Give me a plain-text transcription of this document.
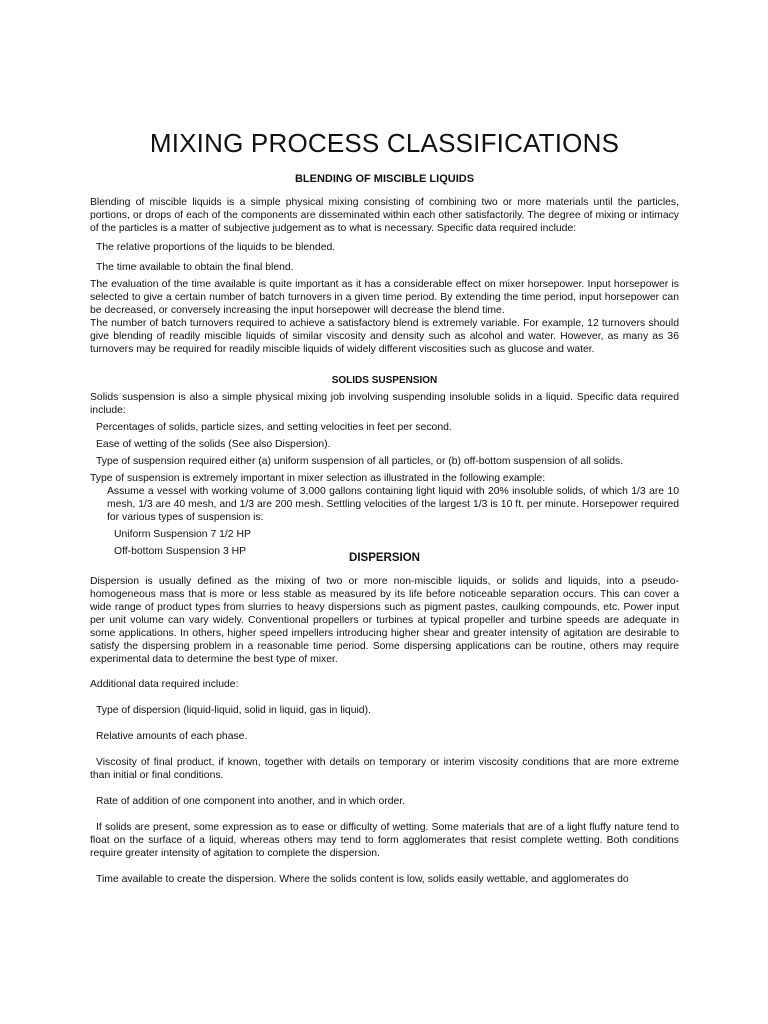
MIXING PROCESS CLASSIFICATIONS
BLENDING OF MISCIBLE LIQUIDS

Blending of miscible liquids is a simple physical mixing consisting of combining two or more materials until the particles, portions, or drops of each of the components are disseminated within each other satisfactorily. The degree of mixing or intimacy of the particles is a matter of subjective judgement as to what is necessary. Specific data required include:

The relative proportions of the liquids to be blended.

The time available to obtain the final blend.

The evaluation of the time available is quite important as it has a considerable effect on mixer horsepower. Input horsepower is selected to give a certain number of batch turnovers in a given time period. By extending the time period, input horsepower can be decreased, or conversely increasing the input horsepower will decrease the blend time.

The number of batch turnovers required to achieve a satisfactory blend is extremely variable. For example, 12 turnovers should give blending of readily miscible liquids of similar viscosity and density such as alcohol and water. However, as many as 36 turnovers may be required for readily miscible liquids of widely different viscosities such as glucose and water.

SOLIDS SUSPENSION

Solids suspension is also a simple physical mixing job involving suspending insoluble solids in a liquid. Specific data required include:

Percentages of solids, particle sizes, and setting velocities in feet per second.

Ease of wetting of the solids (See also Dispersion).

Type of suspension required either (a) uniform suspension of all particles, or (b) off-bottom suspension of all solids.

Type of suspension is extremely important in mixer selection as illustrated in the following example:

Assume a vessel with working volume of 3,000 gallons containing light liquid with 20% insoluble solids, of which 1/3 are 10 mesh, 1/3 are 40 mesh, and 1/3 are 200 mesh. Settling velocities of the largest 1/3 is 10 ft. per minute. Horsepower required for various types of suspension is:

Uniform Suspension 7 1/2 HP

Off-bottom Suspension 3 HP

DISPERSION

Dispersion is usually defined as the mixing of two or more non-miscible liquids, or solids and liquids, into a pseudo-homogeneous mass that is more or less stable as measured by its life before noticeable separation occurs. This can cover a wide range of product types from slurries to heavy dispersions such as pigment pastes, caulking compounds, etc. Power input per unit volume can vary widely. Conventional propellers or turbines at typical propeller and turbine speeds are adequate in some applications. In others, higher speed impellers introducing higher shear and greater intensity of agitation are desirable to satisfy the dispersing problem in a reasonable time period. Some dispersing applications can be routine, others may require experimental data to determine the best type of mixer.

Additional data required include:

Type of dispersion (liquid-liquid, solid in liquid, gas in liquid).

Relative amounts of each phase.

Viscosity of final product, if known, together with details on temporary or interim viscosity conditions that are more extreme than initial or final conditions.

Rate of addition of one component into another, and in which order.

If solids are present, some expression as to ease or difficulty of wetting. Some materials that are of a light fluffy nature tend to float on the surface of a liquid, whereas others may tend to form agglomerates that resist complete wetting. Both conditions require greater intensity of agitation to complete the dispersion.

Time available to create the dispersion. Where the solids content is low, solids easily wettable, and agglomerates do
